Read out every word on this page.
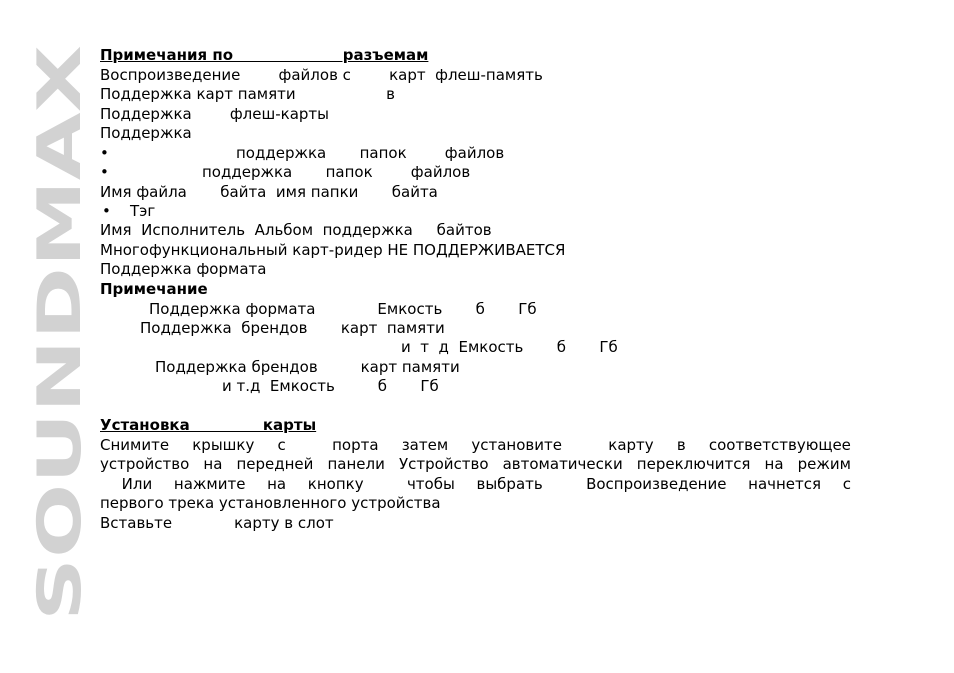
SOUNDMAX
Примечания по                     разъемам
Воспроизведение        файлов с        карт  флеш-память
Поддержка карт памяти                   в
Поддержка        флеш-карты
Поддержка
•	поддержка       папок        файлов
•	поддержка       папок        файлов
Имя файла       байта  имя папки       байта
• Тэг
Имя  Исполнитель  Альбом  поддержка     байтов
Многофункциональный карт-ридер НЕ ПОДДЕРЖИВАЕТСЯ
Поддержка формата
Примечание
Поддержка формата             Емкость       б       Гб
Поддержка  брендов       карт  памяти
и  т  д  Емкость       б       Гб
Поддержка брендов         карт памяти
и т.д  Емкость         б       Гб
Установка              карты
Снимите крышку с	порта затем установите	карту в соответствующее
устройство на передней панели Устройство автоматически переключится на режим
Или нажмите на кнопку	чтобы выбрать	Воспроизведение начнется с
первого трека установленного устройства
Вставьте             карту в слот
